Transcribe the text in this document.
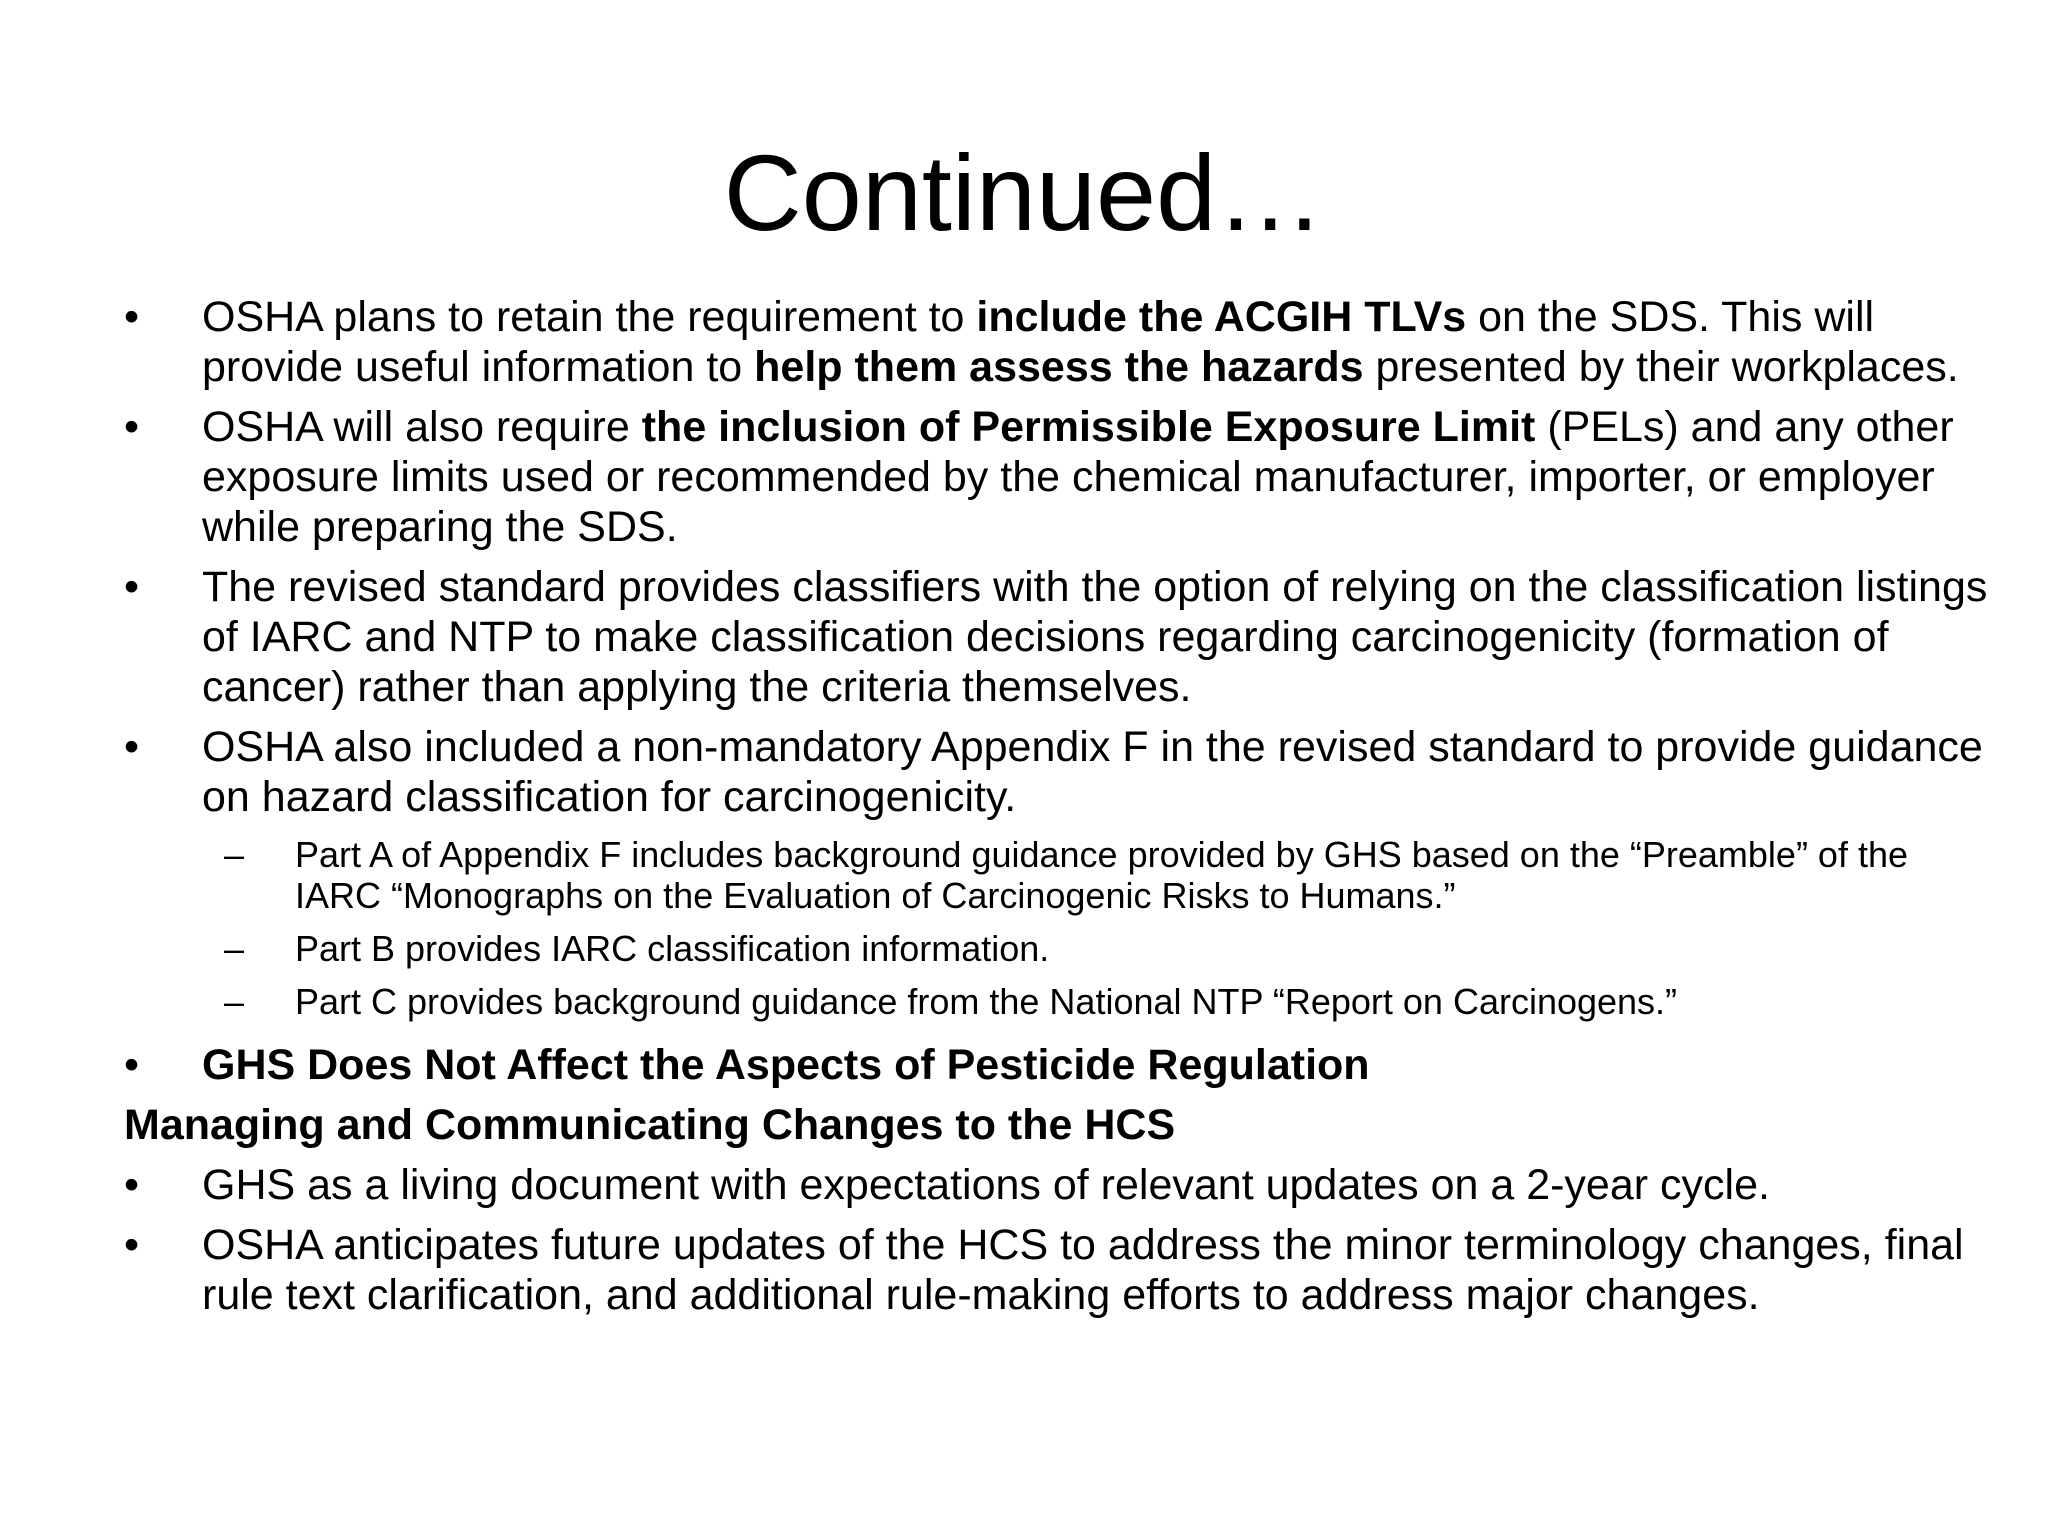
Continued…
•	OSHA plans to retain the requirement to include the ACGIH TLVs on the SDS. This will provide useful information to help them assess the hazards presented by their workplaces.
•	OSHA will also require the inclusion of Permissible Exposure Limit (PELs) and any other exposure limits used or recommended by the chemical manufacturer, importer, or employer while preparing the SDS.
•	The revised standard provides classifiers with the option of relying on the classification listings of IARC and NTP to make classification decisions regarding carcinogenicity (formation of cancer) rather than applying the criteria themselves.
•	OSHA also included a non-mandatory Appendix F in the revised standard to provide guidance on hazard classification for carcinogenicity.
–	Part A of Appendix F includes background guidance provided by GHS based on the “Preamble” of the IARC “Monographs on the Evaluation of Carcinogenic Risks to Humans.”
–	Part B provides IARC classification information.
–	Part C provides background guidance from the National NTP “Report on Carcinogens.”
•	GHS Does Not Affect the Aspects of Pesticide Regulation
Managing and Communicating Changes to the HCS
•	GHS as a living document with expectations of relevant updates on a 2-year cycle.
•	OSHA anticipates future updates of the HCS to address the minor terminology changes, final rule text clarification, and additional rule-making efforts to address major changes.
